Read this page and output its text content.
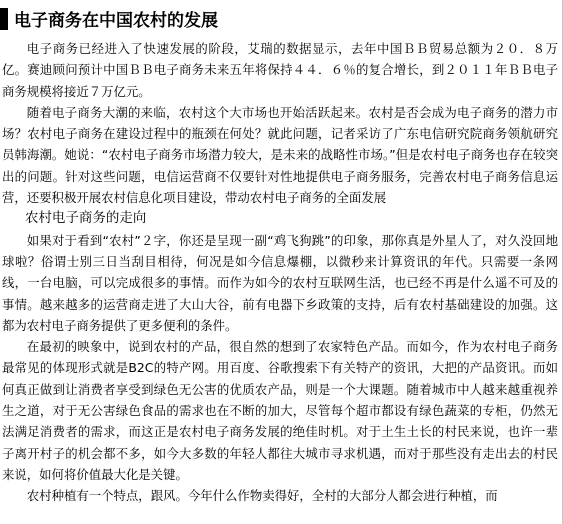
电子商务在中国农村的发展

电子商务已经进入了快速发展的阶段，艾瑞的数据显示，去年中国ＢＢ贸易总额为２０．８万亿。赛迪顾问预计中国ＢＢ电子商务未来五年将保持４４．６％的复合增长，到２０１１年ＢＢ电子商务规模将接近７万亿元。

随着电子商务大潮的来临，农村这个大市场也开始活跃起来。农村是否会成为电子商务的潜力市场？农村电子商务在建设过程中的瓶颈在何处？就此问题，记者采访了广东电信研究院商务领航研究员韩海潮。她说：“农村电子商务市场潜力较大，是未来的战略性市场。”但是农村电子商务也存在较突出的问题。针对这些问题，电信运营商不仅要针对性地提供电子商务服务，完善农村电子商务信息运营，还要积极开展农村信息化项目建设，带动农村电子商务的全面发展

农村电子商务的走向

如果对于看到“农村”２字，你还是呈现一副“鸡飞狗跳”的印象，那你真是外星人了，对久没回地球啦？俗谓士别三日当刮目相待，何况是如今信息爆棚，以微秒来计算资讯的年代。只需要一条网线，一台电脑，可以完成很多的事情。而作为如今的农村互联网生活，也已经不再是什么遥不可及的事情。越来越多的运营商走进了大山大谷，前有电器下乡政策的支持，后有农村基础建设的加强。这都为农村电子商务提供了更多便利的条件。

在最初的映象中，说到农村的产品，很自然的想到了农家特色产品。而如今，作为农村电子商务最常见的体现形式就是B2C的特产网。用百度、谷歌搜索下有关特产的资讯，大把的产品资讯。而如何真正做到让消费者享受到绿色无公害的优质农产品，则是一个大课题。随着城市中人越来越重视养生之道，对于无公害绿色食品的需求也在不断的加大，尽管每个超市都设有绿色蔬菜的专柜，仍然无法满足消费者的需求，而这正是农村电子商务发展的绝佳时机。对于土生土长的村民来说，也许一辈子离开村子的机会都不多，如今大多数的年轻人都往大城市寻求机遇，而对于那些没有走出去的村民来说，如何将价值最大化是关键。

农村种植有一个特点，跟风。今年什么作物卖得好，全村的大部分人都会进行种植，而
